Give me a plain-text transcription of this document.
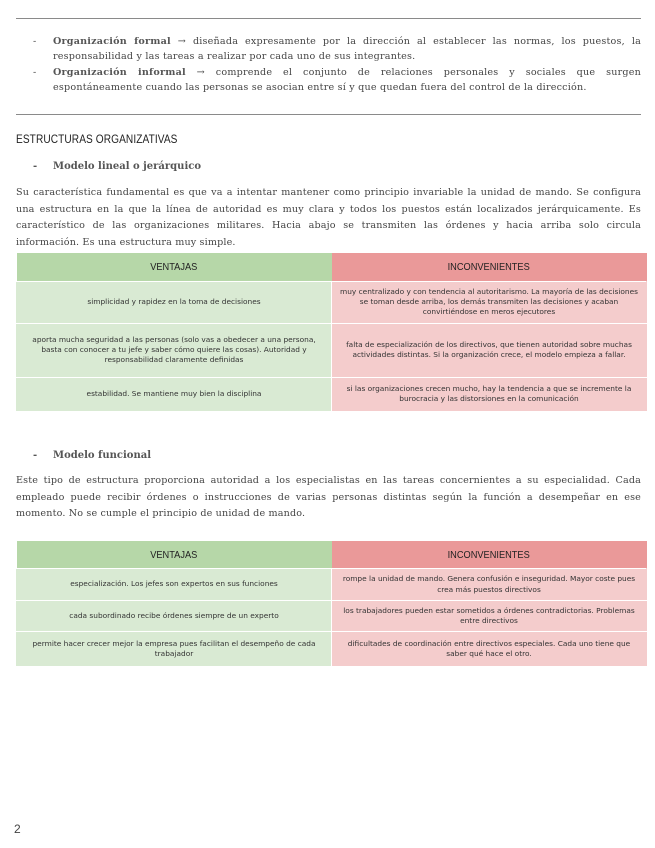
- Organización formal → diseñada expresamente por la dirección al establecer las normas, los puestos, la responsabilidad y las tareas a realizar por cada uno de sus integrantes.
- Organización informal → comprende el conjunto de relaciones personales y sociales que surgen espontáneamente cuando las personas se asocian entre sí y que quedan fuera del control de la dirección.
ESTRUCTURAS ORGANIZATIVAS
- Modelo lineal o jerárquico
Su característica fundamental es que va a intentar mantener como principio invariable la unidad de mando. Se configura una estructura en la que la línea de autoridad es muy clara y todos los puestos están localizados jerárquicamente. Es característico de las organizaciones militares. Hacia abajo se transmiten las órdenes y hacia arriba solo circula información. Es una estructura muy simple.
VENTAJAS	INCONVENIENTES
simplicidad y rapidez en la toma de decisiones	muy centralizado y con tendencia al autoritarismo. La mayoría de las decisiones se toman desde arriba, los demás transmiten las decisiones y acaban convirtiéndose en meros ejecutores
aporta mucha seguridad a las personas (solo vas a obedecer a una persona, basta con conocer a tu jefe y saber cómo quiere las cosas). Autoridad y responsabilidad claramente definidas	falta de especialización de los directivos, que tienen autoridad sobre muchas actividades distintas. Si la organización crece, el modelo empieza a fallar.
estabilidad. Se mantiene muy bien la disciplina	si las organizaciones crecen mucho, hay la tendencia a que se incremente la burocracia y las distorsiones en la comunicación
- Modelo funcional
Este tipo de estructura proporciona autoridad a los especialistas en las tareas concernientes a su especialidad. Cada empleado puede recibir órdenes o instrucciones de varias personas distintas según la función a desempeñar en ese momento. No se cumple el principio de unidad de mando.
VENTAJAS	INCONVENIENTES
especialización. Los jefes son expertos en sus funciones	rompe la unidad de mando. Genera confusión e inseguridad. Mayor coste pues crea más puestos directivos
cada subordinado recibe órdenes siempre de un experto	los trabajadores pueden estar sometidos a órdenes contradictorias. Problemas entre directivos
permite hacer crecer mejor la empresa pues facilitan el desempeño de cada trabajador	dificultades de coordinación entre directivos especiales. Cada uno tiene que saber qué hace el otro.
2
